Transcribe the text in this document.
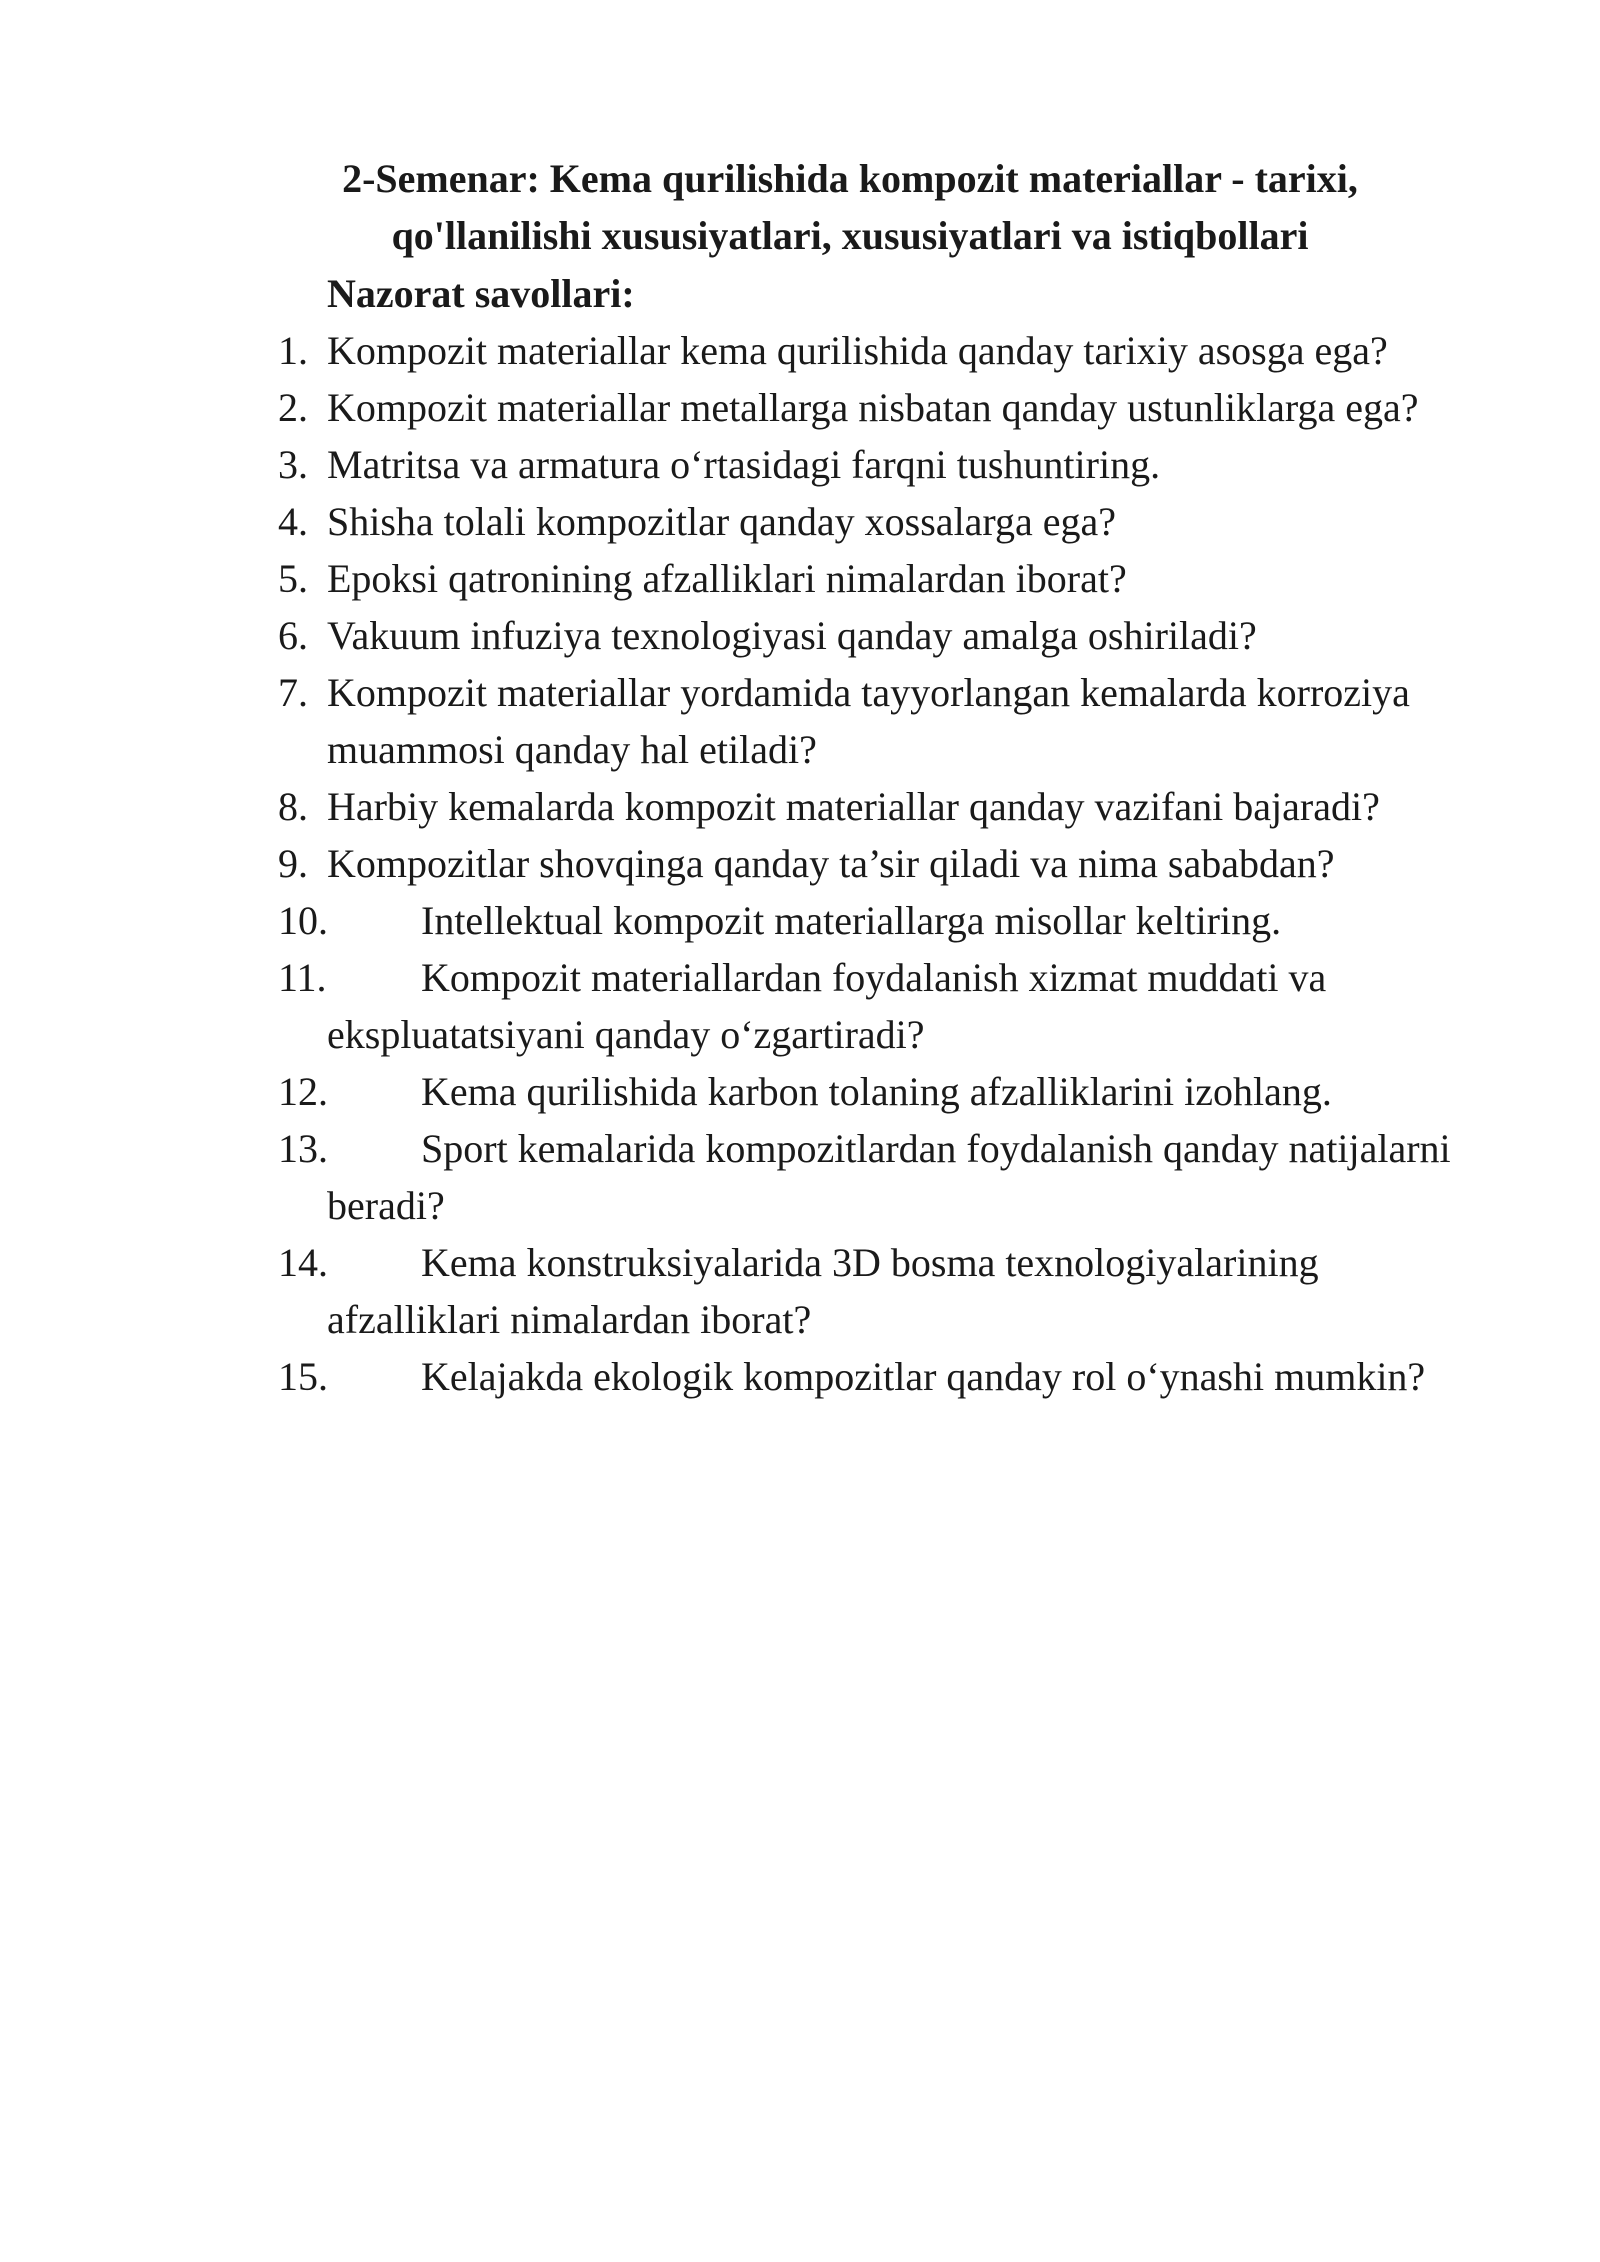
2-Semenar: Kema qurilishida kompozit materiallar - tarixi, qo'llanilishi xususiyatlari, xususiyatlari va istiqbollari
Nazorat savollari:
1. Kompozit materiallar kema qurilishida qanday tarixiy asosga ega?
2. Kompozit materiallar metallarga nisbatan qanday ustunliklarga ega?
3. Matritsa va armatura o‘rtasidagi farqni tushuntiring.
4. Shisha tolali kompozitlar qanday xossalarga ega?
5. Epoksi qatronining afzalliklari nimalardan iborat?
6. Vakuum infuziya texnologiyasi qanday amalga oshiriladi?
7. Kompozit materiallar yordamida tayyorlangan kemalarda korroziya muammosi qanday hal etiladi?
8. Harbiy kemalarda kompozit materiallar qanday vazifani bajaradi?
9. Kompozitlar shovqinga qanday ta’sir qiladi va nima sababdan?
10.	Intellektual kompozit materiallarga misollar keltiring.
11.	Kompozit materiallardan foydalanish xizmat muddati va ekspluatatsiyani qanday o‘zgartiradi?
12.	Kema qurilishida karbon tolaning afzalliklarini izohlang.
13.	Sport kemalarida kompozitlardan foydalanish qanday natijalarni beradi?
14.	Kema konstruksiyalarida 3D bosma texnologiyalarining afzalliklari nimalardan iborat?
15.	Kelajakda ekologik kompozitlar qanday rol o‘ynashi mumkin?
